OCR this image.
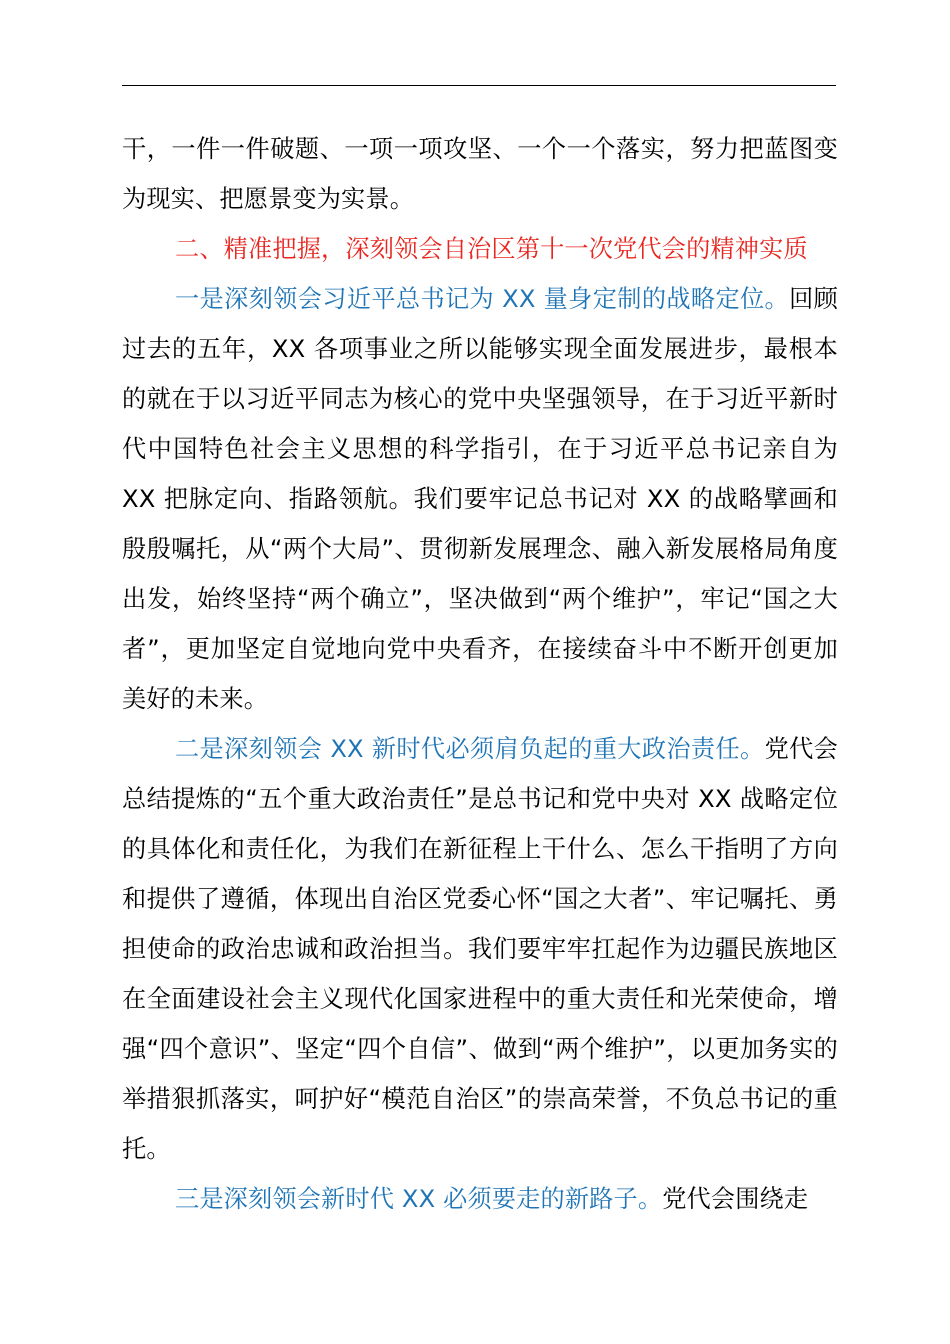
干，一件一件破题、一项一项攻坚、一个一个落实，努力把蓝图变为现实、把愿景变为实景。

二、精准把握，深刻领会自治区第十一次党代会的精神实质

一是深刻领会习近平总书记为 XX 量身定制的战略定位。回顾过去的五年，XX 各项事业之所以能够实现全面发展进步，最根本的就在于以习近平同志为核心的党中央坚强领导，在于习近平新时代中国特色社会主义思想的科学指引，在于习近平总书记亲自为 XX 把脉定向、指路领航。我们要牢记总书记对 XX 的战略擘画和殷殷嘱托，从“两个大局”、贯彻新发展理念、融入新发展格局角度出发，始终坚持“两个确立”，坚决做到“两个维护”，牢记“国之大者”，更加坚定自觉地向党中央看齐，在接续奋斗中不断开创更加美好的未来。

二是深刻领会 XX 新时代必须肩负起的重大政治责任。党代会总结提炼的“五个重大政治责任”是总书记和党中央对 XX 战略定位的具体化和责任化，为我们在新征程上干什么、怎么干指明了方向和提供了遵循，体现出自治区党委心怀“国之大者”、牢记嘱托、勇担使命的政治忠诚和政治担当。我们要牢牢扛起作为边疆民族地区在全面建设社会主义现代化国家进程中的重大责任和光荣使命，增强“四个意识”、坚定“四个自信”、做到“两个维护”，以更加务实的举措狠抓落实，呵护好“模范自治区”的崇高荣誉，不负总书记的重托。

三是深刻领会新时代 XX 必须要走的新路子。党代会围绕走
